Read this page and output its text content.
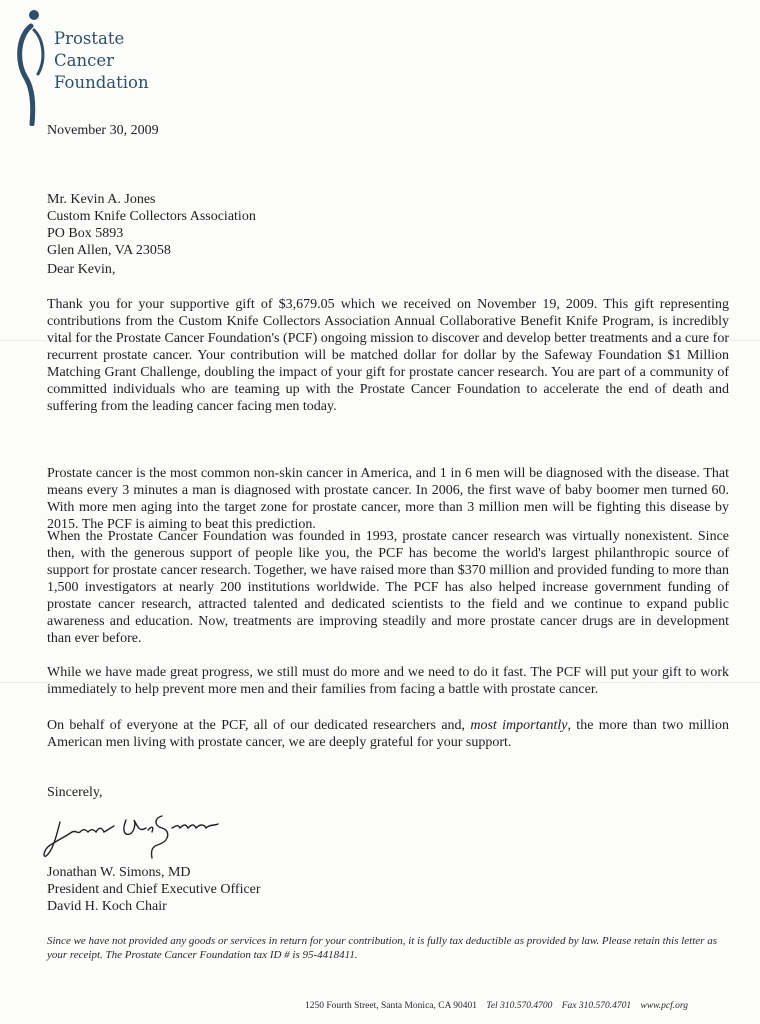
Prostate
Cancer
Foundation
November 30, 2009
Mr. Kevin A. Jones
Custom Knife Collectors Association
PO Box 5893
Glen Allen, VA 23058
Dear Kevin,
Thank you for your supportive gift of $3,679.05 which we received on November 19, 2009. This gift representing contributions from the Custom Knife Collectors Association Annual Collaborative Benefit Knife Program, is incredibly vital for the Prostate Cancer Foundation's (PCF) ongoing mission to discover and develop better treatments and a cure for recurrent prostate cancer. Your contribution will be matched dollar for dollar by the Safeway Foundation $1 Million Matching Grant Challenge, doubling the impact of your gift for prostate cancer research. You are part of a community of committed individuals who are teaming up with the Prostate Cancer Foundation to accelerate the end of death and suffering from the leading cancer facing men today.
Prostate cancer is the most common non-skin cancer in America, and 1 in 6 men will be diagnosed with the disease. That means every 3 minutes a man is diagnosed with prostate cancer. In 2006, the first wave of baby boomer men turned 60. With more men aging into the target zone for prostate cancer, more than 3 million men will be fighting this disease by 2015. The PCF is aiming to beat this prediction.
When the Prostate Cancer Foundation was founded in 1993, prostate cancer research was virtually nonexistent. Since then, with the generous support of people like you, the PCF has become the world's largest philanthropic source of support for prostate cancer research. Together, we have raised more than $370 million and provided funding to more than 1,500 investigators at nearly 200 institutions worldwide. The PCF has also helped increase government funding of prostate cancer research, attracted talented and dedicated scientists to the field and we continue to expand public awareness and education. Now, treatments are improving steadily and more prostate cancer drugs are in development than ever before.
While we have made great progress, we still must do more and we need to do it fast. The PCF will put your gift to work immediately to help prevent more men and their families from facing a battle with prostate cancer.
On behalf of everyone at the PCF, all of our dedicated researchers and, most importantly, the more than two million American men living with prostate cancer, we are deeply grateful for your support.
Sincerely,
Jonathan W. Simons, MD
President and Chief Executive Officer
David H. Koch Chair
Since we have not provided any goods or services in return for your contribution, it is fully tax deductible as provided by law. Please retain this letter as your receipt. The Prostate Cancer Foundation tax ID # is 95-4418411.
1250 Fourth Street, Santa Monica, CA 90401 Tel 310.570.4700 Fax 310.570.4701 www.pcf.org
